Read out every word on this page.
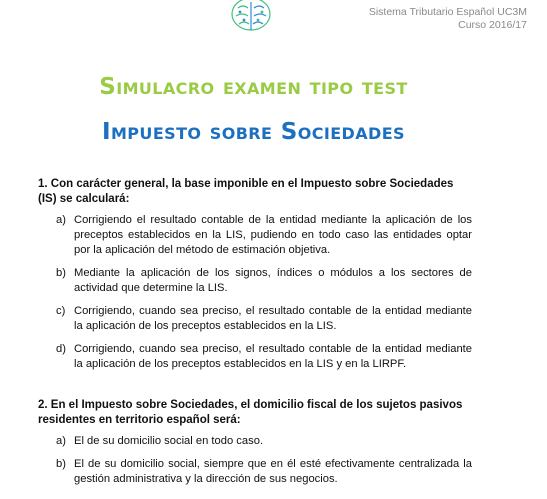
Sistema Tributario Español UC3M
Curso 2016/17
Simulacro examen tipo test
Impuesto sobre Sociedades

1. Con carácter general, la base imponible en el Impuesto sobre Sociedades (IS) se calculará:

a) Corrigiendo el resultado contable de la entidad mediante la aplicación de los preceptos establecidos en la LIS, pudiendo en todo caso las entidades optar por la aplicación del método de estimación objetiva.
b) Mediante la aplicación de los signos, índices o módulos a los sectores de actividad que determine la LIS.
c) Corrigiendo, cuando sea preciso, el resultado contable de la entidad mediante la aplicación de los preceptos establecidos en la LIS.
d) Corrigiendo, cuando sea preciso, el resultado contable de la entidad mediante la aplicación de los preceptos establecidos en la LIS y en la LIRPF.

2. En el Impuesto sobre Sociedades, el domicilio fiscal de los sujetos pasivos residentes en territorio español será:

a) El de su domicilio social en todo caso.
b) El de su domicilio social, siempre que en él esté efectivamente centralizada la gestión administrativa y la dirección de sus negocios.
